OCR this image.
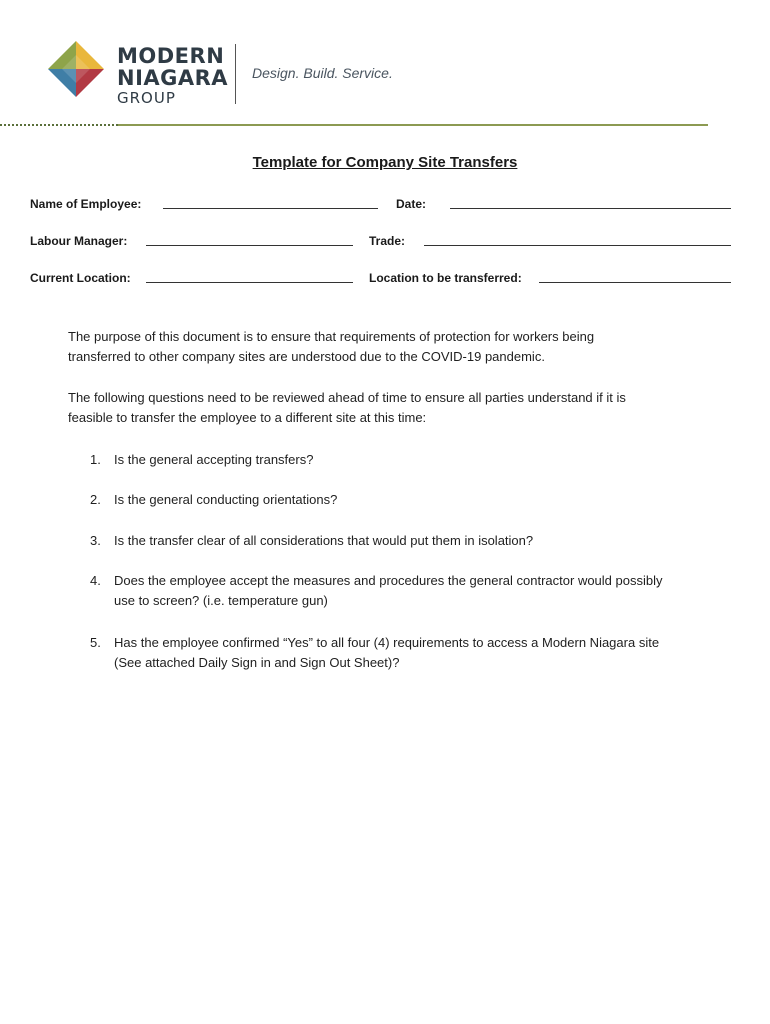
MODERN
NIAGARA
GROUP
Design. Build. Service.
Template for Company Site Transfers
Name of Employee:	Date:
Labour Manager:	Trade:
Current Location:	Location to be transferred:
The purpose of this document is to ensure that requirements of protection for workers being
transferred to other company sites are understood due to the COVID-19 pandemic.
The following questions need to be reviewed ahead of time to ensure all parties understand if it is
feasible to transfer the employee to a different site at this time:
1. Is the general accepting transfers?
2. Is the general conducting orientations?
3. Is the transfer clear of all considerations that would put them in isolation?
4. Does the employee accept the measures and procedures the general contractor would possibly
use to screen? (i.e. temperature gun)
5. Has the employee confirmed “Yes” to all four (4) requirements to access a Modern Niagara site
(See attached Daily Sign in and Sign Out Sheet)?
